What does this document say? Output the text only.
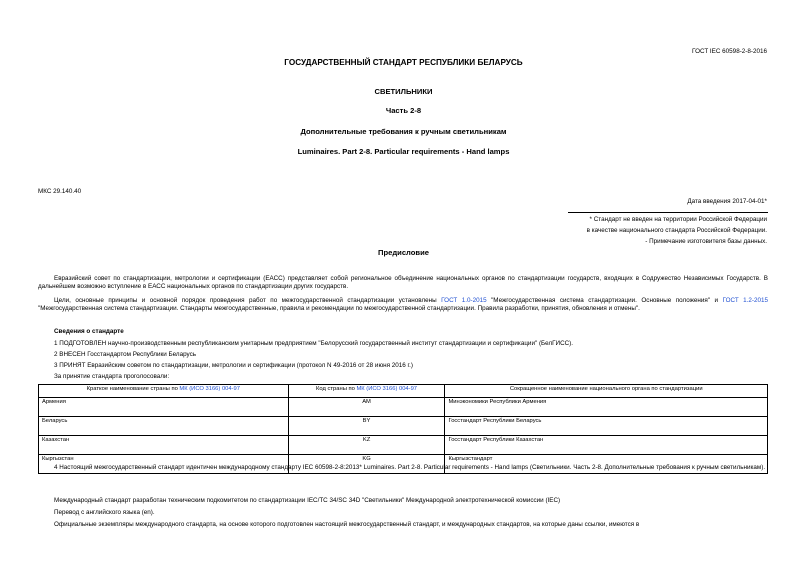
ГОСТ IEC 60598-2-8-2016
ГОСУДАРСТВЕННЫЙ СТАНДАРТ РЕСПУБЛИКИ БЕЛАРУСЬ
СВЕТИЛЬНИКИ
Часть 2-8
Дополнительные требования к ручным светильникам
Luminaires. Part 2-8. Particular requirements - Hand lamps
МКС 29.140.40
Дата введения 2017-04-01*
* Стандарт не введен на территории Российской Федерации
в качестве национального стандарта Российской Федерации.
- Примечание изготовителя базы данных.
Предисловие
Евразийский совет по стандартизации, метрологии и сертификации (ЕАСС) представляет собой региональное объединение национальных органов по стандартизации государств, входящих в Содружество Независимых Государств. В дальнейшем возможно вступление в ЕАСС национальных органов по стандартизации других государств.
Цели, основные принципы и основной порядок проведения работ по межгосударственной стандартизации установлены ГОСТ 1.0-2015 "Межгосударственная система стандартизации. Основные положения" и ГОСТ 1.2-2015 "Межгосударственная система стандартизации. Стандарты межгосударственные, правила и рекомендации по межгосударственной стандартизации. Правила разработки, принятия, обновления и отмены".
Сведения о стандарте
1 ПОДГОТОВЛЕН научно-производственным республиканским унитарным предприятием "Белорусский государственный институт стандартизации и сертификации" (БелГИСС).
2 ВНЕСЕН Госстандартом Республики Беларусь
3 ПРИНЯТ Евразийским советом по стандартизации, метрологии и сертификации (протокол N 49-2016 от 28 июня 2016 г.)
За принятие стандарта проголосовали:
Краткое наименование страны по МК (ИСО 3166) 004-97	Код страны по МК (ИСО 3166) 004-97	Сокращенное наименование национального органа по стандартизации
Армения	AM	Минэкономики Республики Армения
Беларусь	BY	Госстандарт Республики Беларусь
Казахстан	KZ	Госстандарт Республики Казахстан
Кыргызстан	KG	Кыргызстандарт
4 Настоящий межгосударственный стандарт идентичен международному стандарту IEC 60598-2-8:2013* Luminaires. Part 2-8. Particular requirements - Hand lamps (Светильники. Часть 2-8. Дополнительные требования к ручным светильникам).
Международный стандарт разработан техническим подкомитетом по стандартизации IEC/TC 34/SC 34D "Светильники" Международной электротехнической комиссии (IEC)
Перевод с английского языка (en).
Официальные экземпляры международного стандарта, на основе которого подготовлен настоящий межгосударственный стандарт, и международных стандартов, на которые даны ссылки, имеются в
